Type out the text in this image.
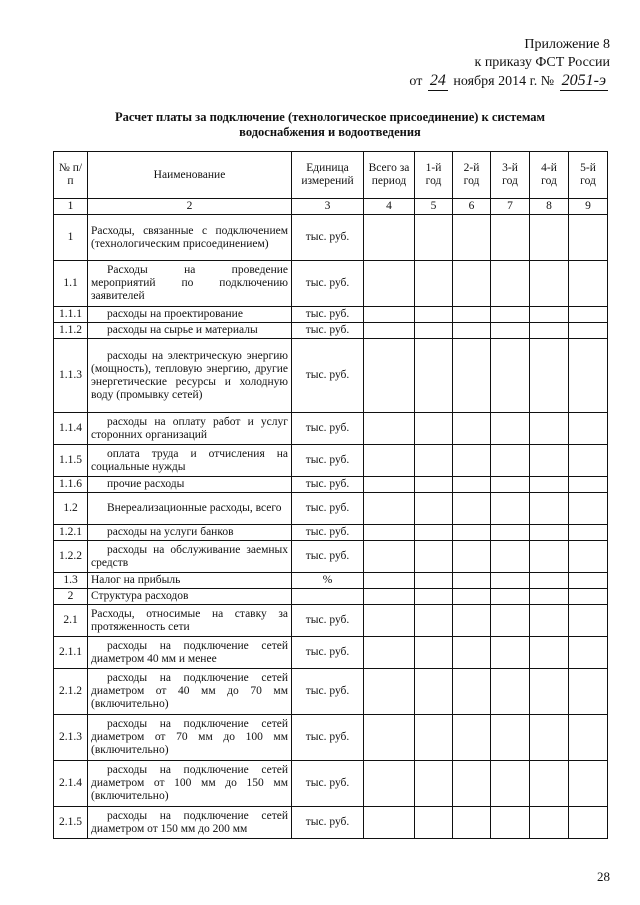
Приложение 8
к приказу ФСТ России
от 24 ноября 2014 г. № 2051-э
Расчет платы за подключение (технологическое присоединение) к системам
водоснабжения и водоотведения
№ п/п	Наименование	Единица измерений	Всего за период	1-й год	2-й год	3-й год	4-й год	5-й год
1	2	3	4	5	6	7	8	9
1	Расходы, связанные с подключением (технологическим присоединением)	тыс. руб.						
1.1	Расходы на проведение мероприятий по подключению заявителей	тыс. руб.						
1.1.1	расходы на проектирование	тыс. руб.						
1.1.2	расходы на сырье и материалы	тыс. руб.						
1.1.3	расходы на электрическую энергию (мощность), тепловую энергию, другие энергетические ресурсы и холодную воду (промывку сетей)	тыс. руб.						
1.1.4	расходы на оплату работ и услуг сторонних организаций	тыс. руб.						
1.1.5	оплата труда и отчисления на социальные нужды	тыс. руб.						
1.1.6	прочие расходы	тыс. руб.						
1.2	Внереализационные расходы, всего	тыс. руб.						
1.2.1	расходы на услуги банков	тыс. руб.						
1.2.2	расходы на обслуживание заемных средств	тыс. руб.						
1.3	Налог на прибыль	%						
2	Структура расходов							
2.1	Расходы, относимые на ставку за протяженность сети	тыс. руб.						
2.1.1	расходы на подключение сетей диаметром 40 мм и менее	тыс. руб.						
2.1.2	расходы на подключение сетей диаметром от 40 мм до 70 мм (включительно)	тыс. руб.						
2.1.3	расходы на подключение сетей диаметром от 70 мм до 100 мм (включительно)	тыс. руб.						
2.1.4	расходы на подключение сетей диаметром от 100 мм до 150 мм (включительно)	тыс. руб.						
2.1.5	расходы на подключение сетей диаметром от 150 мм до 200 мм	тыс. руб.						
28
